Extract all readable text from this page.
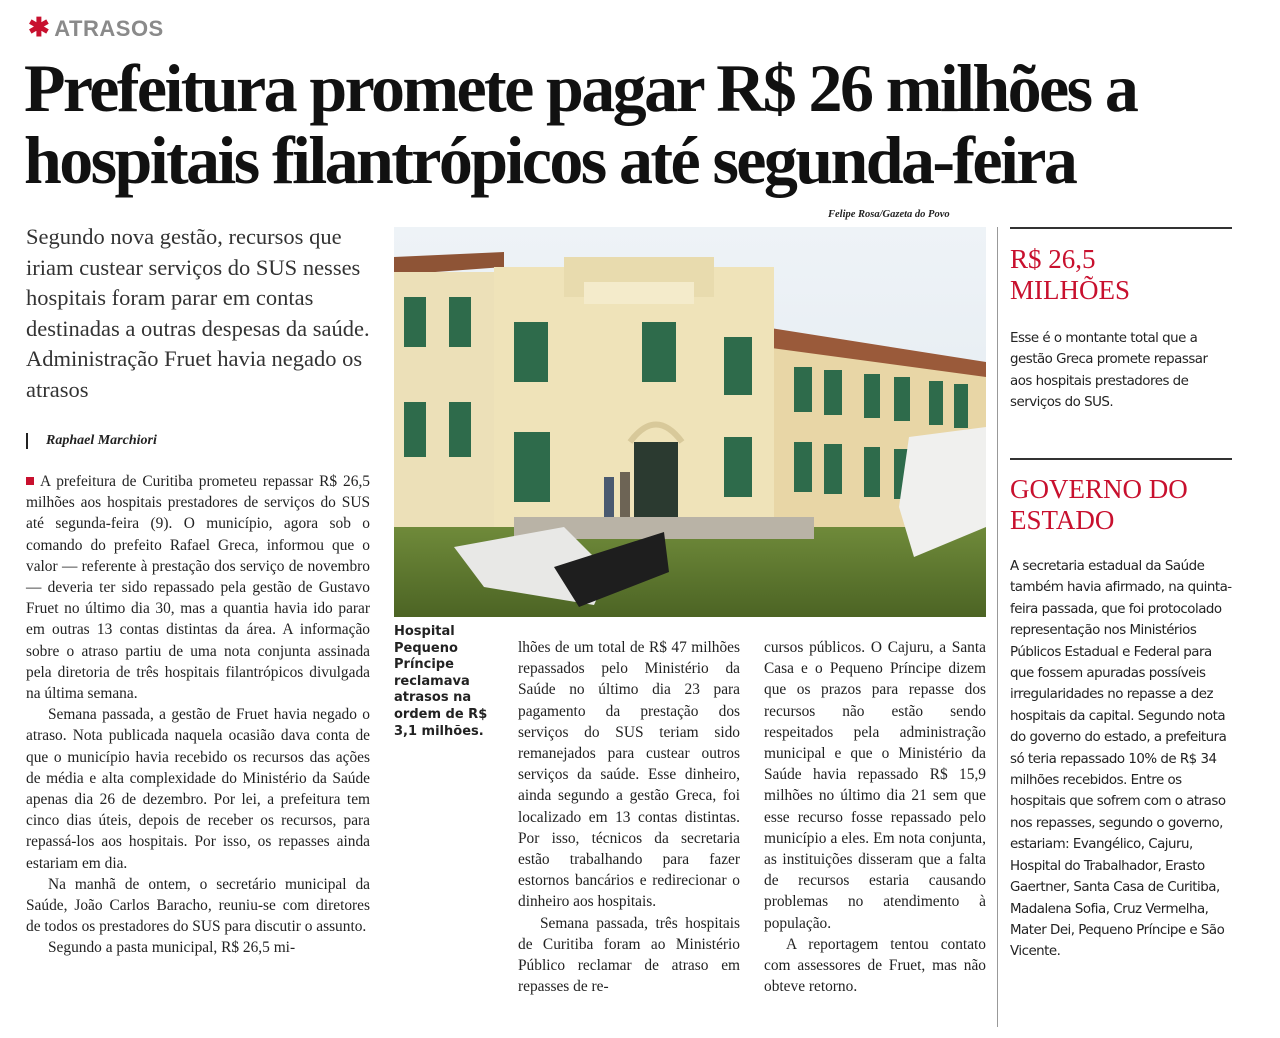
✱ ATRASOS
Prefeitura promete pagar R$ 26 milhões a hospitais filantrópicos até segunda-feira
Segundo nova gestão, recursos que iriam custear serviços do SUS nesses hospitais foram parar em contas destinadas a outras despesas da saúde. Administração Fruet havia negado os atrasos
Raphael Marchiori

A prefeitura de Curitiba prometeu repassar R$ 26,5 milhões aos hospitais prestadores de serviços do SUS até segunda-feira (9). O município, agora sob o comando do prefeito Rafael Greca, informou que o valor — referente à prestação dos serviço de novembro — deveria ter sido repassado pela gestão de Gustavo Fruet no último dia 30, mas a quantia havia ido parar em outras 13 contas distintas da área. A informação sobre o atraso partiu de uma nota conjunta assinada pela diretoria de três hospitais filantrópicos divulgada na última semana.

Semana passada, a gestão de Fruet havia negado o atraso. Nota publicada naquela ocasião dava conta de que o município havia recebido os recursos das ações de média e alta complexidade do Ministério da Saúde apenas dia 26 de dezembro. Por lei, a prefeitura tem cinco dias úteis, depois de receber os recursos, para repassá-los aos hospitais. Por isso, os repasses ainda estariam em dia.

Na manhã de ontem, o secretário municipal da Saúde, João Carlos Baracho, reuniu-se com diretores de todos os prestadores do SUS para discutir o assunto.

Segundo a pasta municipal, R$ 26,5 mi-

Felipe Rosa/Gazeta do Povo
Hospital Pequeno Príncipe reclamava atrasos na ordem de R$ 3,1 milhões.

lhões de um total de R$ 47 milhões repassados pelo Ministério da Saúde no último dia 23 para pagamento da prestação dos serviços do SUS teriam sido remanejados para custear outros serviços da saúde. Esse dinheiro, ainda segundo a gestão Greca, foi localizado em 13 contas distintas. Por isso, técnicos da secretaria estão trabalhando para fazer estornos bancários e redirecionar o dinheiro aos hospitais.

Semana passada, três hospitais de Curitiba foram ao Ministério Público reclamar de atraso em repasses de re-

cursos públicos. O Cajuru, a Santa Casa e o Pequeno Príncipe dizem que os prazos para repasse dos recursos não estão sendo respeitados pela administração municipal e que o Ministério da Saúde havia repassado R$ 15,9 milhões no último dia 21 sem que esse recurso fosse repassado pelo município a eles. Em nota conjunta, as instituições disseram que a falta de recursos estaria causando problemas no atendimento à população.

A reportagem tentou contato com assessores de Fruet, mas não obteve retorno.

R$ 26,5 MILHÕES
Esse é o montante total que a gestão Greca promete repassar aos hospitais prestadores de serviços do SUS.
GOVERNO DO ESTADO
A secretaria estadual da Saúde também havia afirmado, na quinta-feira passada, que foi protocolado representação nos Ministérios Públicos Estadual e Federal para que fossem apuradas possíveis irregularidades no repasse a dez hospitais da capital. Segundo nota do governo do estado, a prefeitura só teria repassado 10% de R$ 34 milhões recebidos. Entre os hospitais que sofrem com o atraso nos repasses, segundo o governo, estariam: Evangélico, Cajuru, Hospital do Trabalhador, Erasto Gaertner, Santa Casa de Curitiba, Madalena Sofia, Cruz Vermelha, Mater Dei, Pequeno Príncipe e São Vicente.
